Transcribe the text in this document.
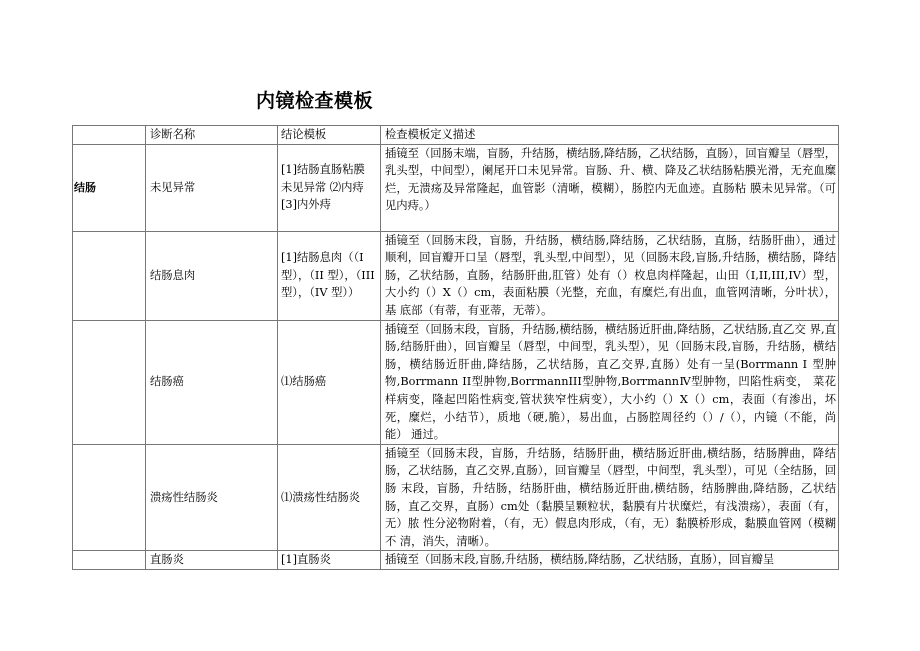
内镜检查模板
	诊断名称	结论模板	检查模板定义描述
结肠	未见异常	[1]结肠直肠粘膜未见异常 ⑵内痔[3]内外痔	插镜至（回肠末端，盲肠，升结肠，横结肠,降结肠，乙状结肠，直肠），回盲瓣呈（唇型，乳头型，中间型），阑尾开口未见异常。盲肠、升、横、降及乙状结肠粘膜光滑，无充血糜烂，无溃疡及异常隆起，血管影（清晰，模糊），肠腔内无血迹。直肠粘 膜未见异常。（可见内痔。）
	结肠息肉	[1]结肠息肉（（I型），（II 型），（III 型），（IV 型））	插镜至（回肠末段，盲肠，升结肠，横结肠,降结肠，乙状结肠，直肠，结肠肝曲），通过 顺利，回盲瓣开口呈（唇型，乳头型,中间型），见（回肠末段,盲肠,升结肠，横结肠，降结肠，乙状结肠，直肠，结肠肝曲,肛管）处有（）枚息肉样隆起，山田（I,II,III,IV）型， 大小约（）X（）cm，表面粘膜（光整，充血，有糜烂,有出血，血管网清晰，分叶状），基 底部（有蒂，有亚蒂，无蒂）。
	结肠癌	⑴结肠癌	插镜至（回肠末段，盲肠，升结肠,横结肠，横结肠近肝曲,降结肠，乙状结肠,直乙交 界,直肠,结肠肝曲），回盲瓣呈（唇型，中间型，乳头型），见（回肠末段,盲肠，升结肠，横结肠，横结肠近肝曲,降结肠，乙状结肠，直乙交界,直肠）处有一呈(Borrmann Ⅰ 型肿物,Borrmann II型肿物,BorrmannIII型肿物,BorrmannⅣ型肿物，凹陷性病变， 菜花样病变，隆起凹陷性病变,管状狭窄性病变），大小约（）X（）cm，表面（有渗出，坏死，糜烂，小结节），质地（硬,脆），易出血，占肠腔周径约（）/（），内镜（不能，尚能） 通过。
	溃疡性结肠炎	⑴溃疡性结肠炎	插镜至（回肠末段，盲肠，升结肠，结肠肝曲，横结肠近肝曲,横结肠，结肠脾曲，降结 肠，乙状结肠，直乙交界,直肠），回盲瓣呈（唇型，中间型，乳头型），可见（全结肠，回肠 末段，盲肠，升结肠，结肠肝曲，横结肠近肝曲,横结肠，结肠脾曲,降结肠，乙状结肠，直乙交界，直肠）cm处（黏膜呈颗粒状，黏膜有片状糜烂，有浅溃疡），表面（有，无）脓 性分泌物附着，（有，无）假息肉形成，（有，无）黏膜桥形成，黏膜血管网（模糊不 清，消失，清晰）。
	直肠炎	[1]直肠炎	插镜至（回肠末段,盲肠,升结肠，横结肠,降结肠，乙状结肠，直肠），回盲瓣呈
